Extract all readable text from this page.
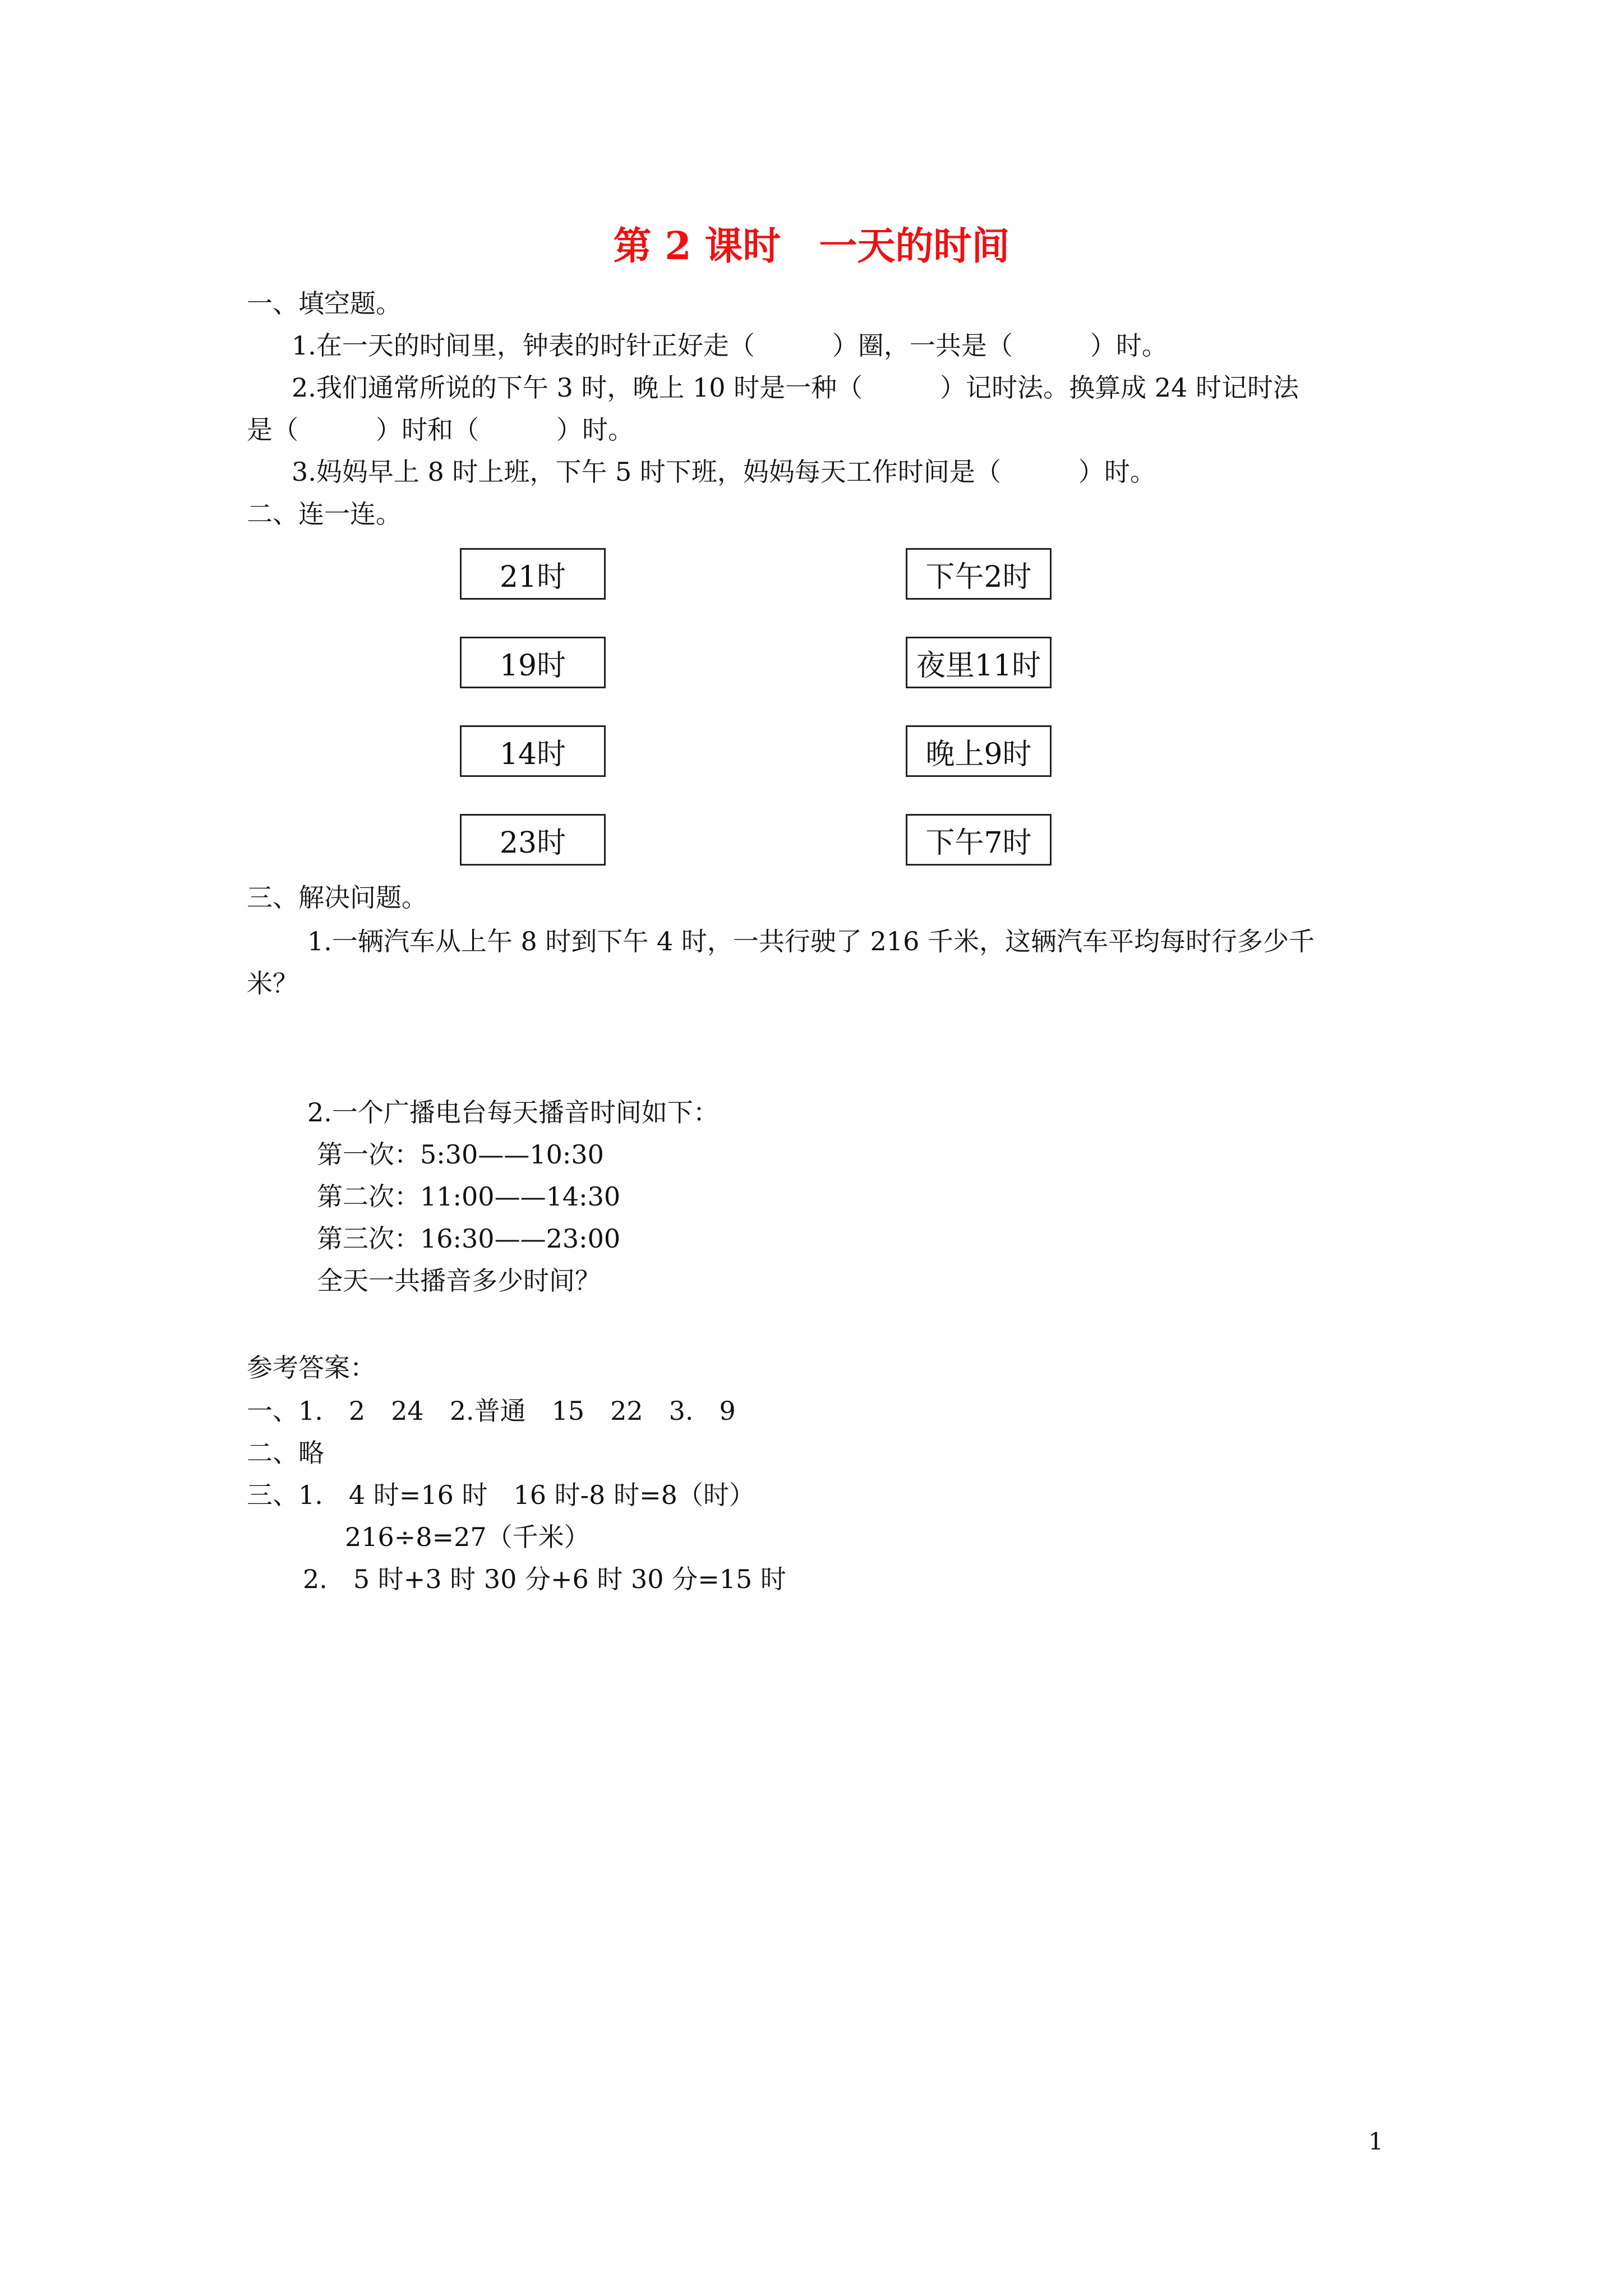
第 2 课时　一天的时间
一、填空题。
1.在一天的时间里，钟表的时针正好走（　　　）圈，一共是（　　　）时。
2.我们通常所说的下午 3 时，晚上 10 时是一种（　　　）记时法。换算成 24 时记时法
是（　　　）时和（　　　）时。
3.妈妈早上 8 时上班，下午 5 时下班，妈妈每天工作时间是（　　　）时。
二、连一连。
21时
19时
14时
23时
下午2时
夜里11时
晚上9时
下午7时
三、解决问题。
1.一辆汽车从上午 8 时到下午 4 时，一共行驶了 216 千米，这辆汽车平均每时行多少千
米？
2.一个广播电台每天播音时间如下：
第一次：5:30——10:30
第二次：11:00——14:30
第三次：16:30——23:00
全天一共播音多少时间？
参考答案：
一、1.　2　24　2.普通　15　22　3.　9
二、略
三、1.　4 时=16 时　16 时-8 时=8（时）
216÷8=27（千米）
2.　5 时+3 时 30 分+6 时 30 分=15 时
1
